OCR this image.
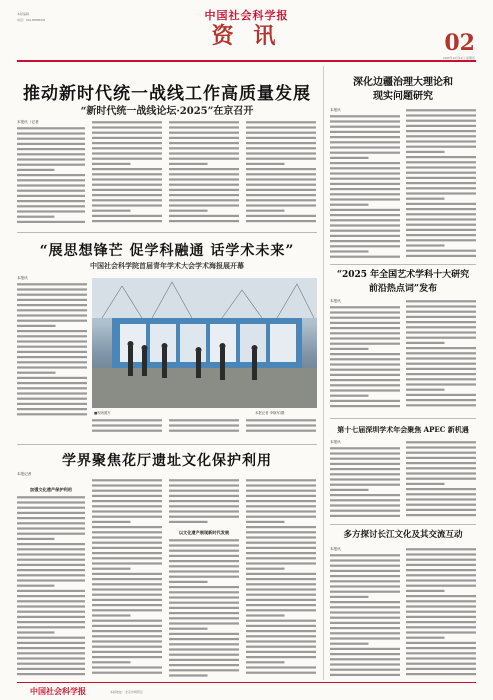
本版编辑 ·
电话：010-85885506	中国社会科学报
资 讯	02
2025年12月11日 星期四
推动新时代统一战线工作高质量发展
“新时代统一战线论坛·2025”在京召开
本报讯（记者
“展思想锋芒 促学科融通 话学术未来”
中国社会科学院首届青年学术大会学术海报展开幕
本报讯
■现场照片	本报记者 李晓军/摄
学界聚焦花厅遗址文化保护利用
本报记者
加强文化遗产保护利用
以文化遗产展现新时代发展
深化边疆治理大理论和
现实问题研究
本报讯
“2025 年全国艺术学科十大研究
前沿热点词”发布
本报讯
第十七届深圳学术年会聚焦 APEC 新机遇
本报讯
多方探讨长江文化及其交流互动
本报讯
中国社会科学报	本版地址：北京市朝阳区
